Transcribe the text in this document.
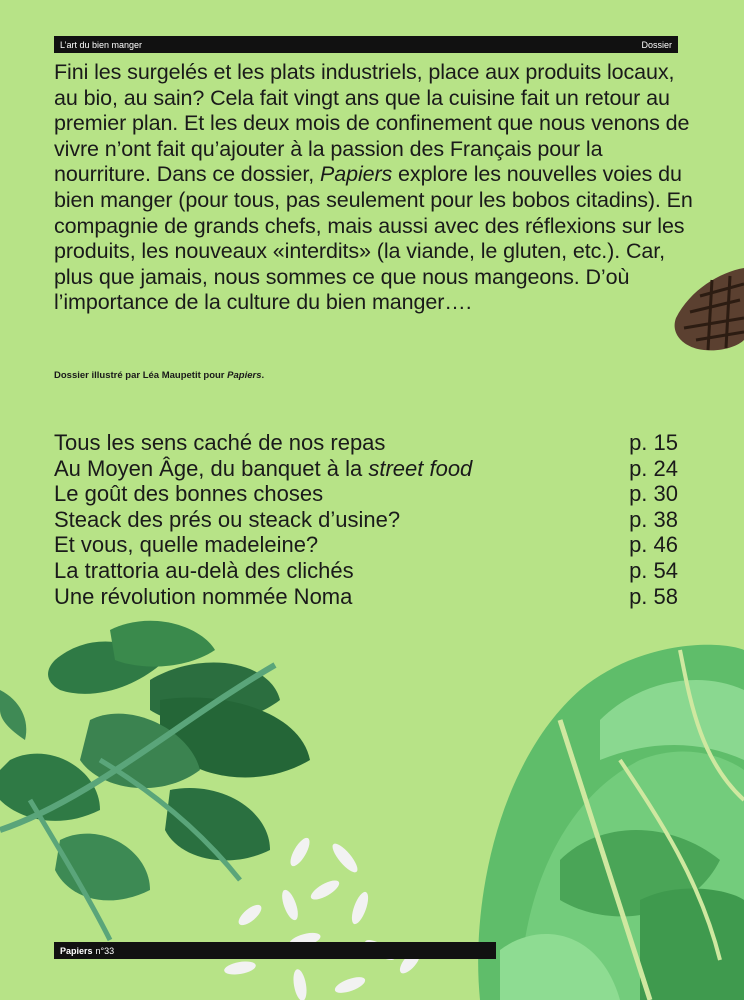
L’art du bien manger	Dossier

Fini les surgelés et les plats industriels, place aux produits locaux, au bio, au sain? Cela fait vingt ans que la cuisine fait un retour au premier plan. Et les deux mois de confinement que nous venons de vivre n’ont fait qu’ajouter à la passion des Français pour la nourriture. Dans ce dossier, Papiers explore les nouvelles voies du bien manger (pour tous, pas seulement pour les bobos citadins). En compagnie de grands chefs, mais aussi avec des réflexions sur les produits, les nouveaux «interdits» (la viande, le gluten, etc.). Car, plus que jamais, nous sommes ce que nous mangeons. D’où l’importance de la culture du bien manger….

Dossier illustré par Léa Maupetit pour Papiers.

Tous les sens caché de nos repas	p. 15
Au Moyen Âge, du banquet à la street food	p. 24
Le goût des bonnes choses	p. 30
Steack des prés ou steack d’usine?	p. 38
Et vous, quelle madeleine?	p. 46
La trattoria au-delà des clichés	p. 54
Une révolution nommée Noma	p. 58
Papiers n°33
